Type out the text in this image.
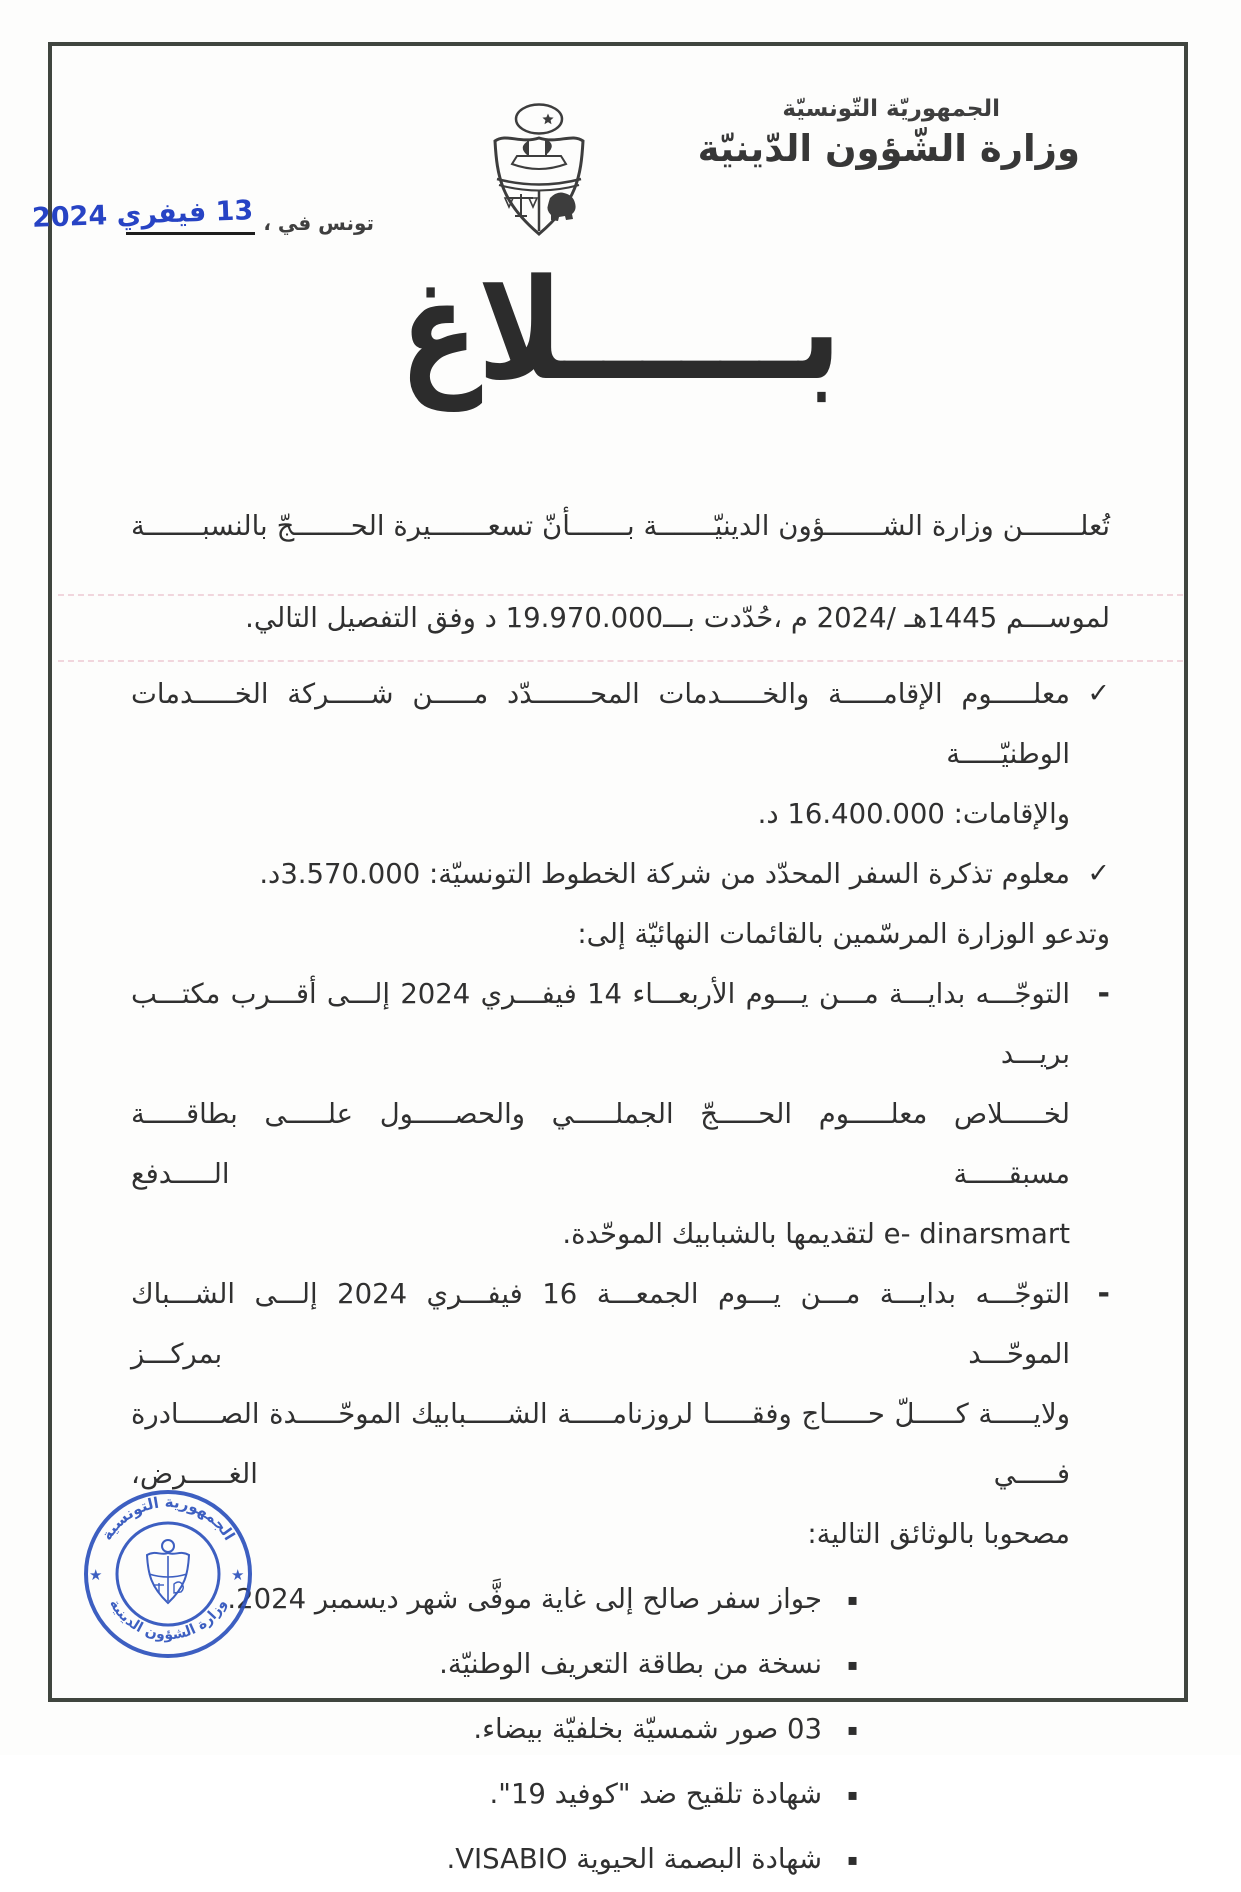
الجمهوريّة التّونسيّة
وزارة الشّؤون الدّينيّة
تونس في ،
13 فيفري 2024
بــــــلاغ
تُعلـــــــن وزارة الشـــــــؤون الدينيّـــــــة بـــــــأنّ تسعـــــــيرة الحـــــــجّ بالنسبـــــــة
لموســـم 1445هـ /2024 م ،حُدّدت بـــ19.970.000 د وفق التفصيل التالي.
✓
معلـــــوم الإقامـــــة والخـــــدمات المحـــــــدّد مـــــن شـــــركة الخـــــدمات الوطنيّـــــة
والإقامات: 16.400.000 د.
✓
معلوم تذكرة السفر المحدّد من شركة الخطوط التونسيّة: 3.570.000د.
وتدعو الوزارة المرسّمين بالقائمات النهائيّة إلى:
-
التوجّـــه بدايـــة مـــن يـــوم الأربعـــاء 14 فيفـــري 2024 إلـــى أقـــرب مكتـــب بريـــد
لخـــــلاص معلـــــوم الحـــــجّ الجملـــــي والحصـــــول علـــــى بطاقـــــة مسبقـــــة الـــــدفع
e- dinarsmart لتقديمها بالشبابيك الموحّدة.
-
التوجّـــه بدايـــة مـــن يـــوم الجمعـــة 16 فيفـــري 2024 إلـــى الشـــباك الموحّـــد بمركـــز
ولايـــــة كـــــلّ حـــــاج وفقـــــا لروزنامـــــة الشـــــبابيك الموحّـــــدة الصـــــادرة فـــــي الغـــــرض،
مصحوبا بالوثائق التالية:
▪
جواز سفر صالح إلى غاية موفَّى شهر ديسمبر 2024.
▪
نسخة من بطاقة التعريف الوطنيّة.
▪
03 صور شمسيّة بخلفيّة بيضاء.
▪
شهادة تلقيح ضد "كوفيد 19".
▪
شهادة البصمة الحيوية VISABIO.
الجمهورية التونسية
وزارة الشؤون الدينية
★	★
